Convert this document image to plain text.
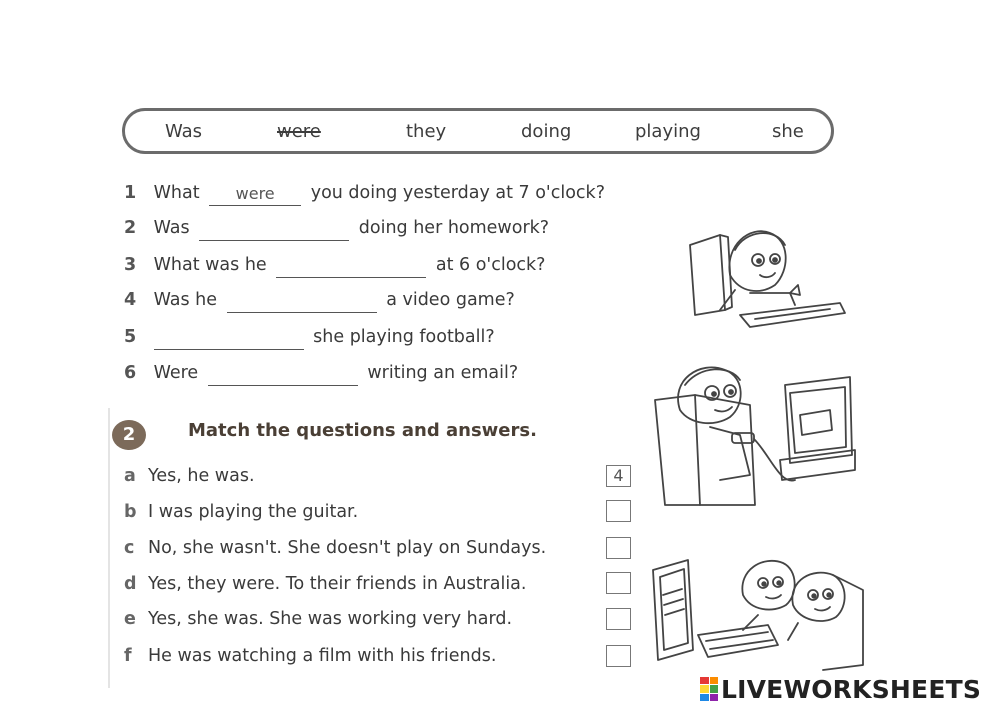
Was	were	they	doing	playing	she
1 What	were	you doing yesterday at 7 o'clock?
2 Was	doing her homework?
3 What was he	at 6 o'clock?
4 Was he	a video game?
5	she playing football?
6 Were	writing an email?
2	Match the questions and answers.
a Yes, he was.	4
b I was playing the guitar.
c No, she wasn't. She doesn't play on Sundays.
d Yes, they were. To their friends in Australia.
e Yes, she was. She was working very hard.
f He was watching a film with his friends.
LIVEWORKSHEETS
